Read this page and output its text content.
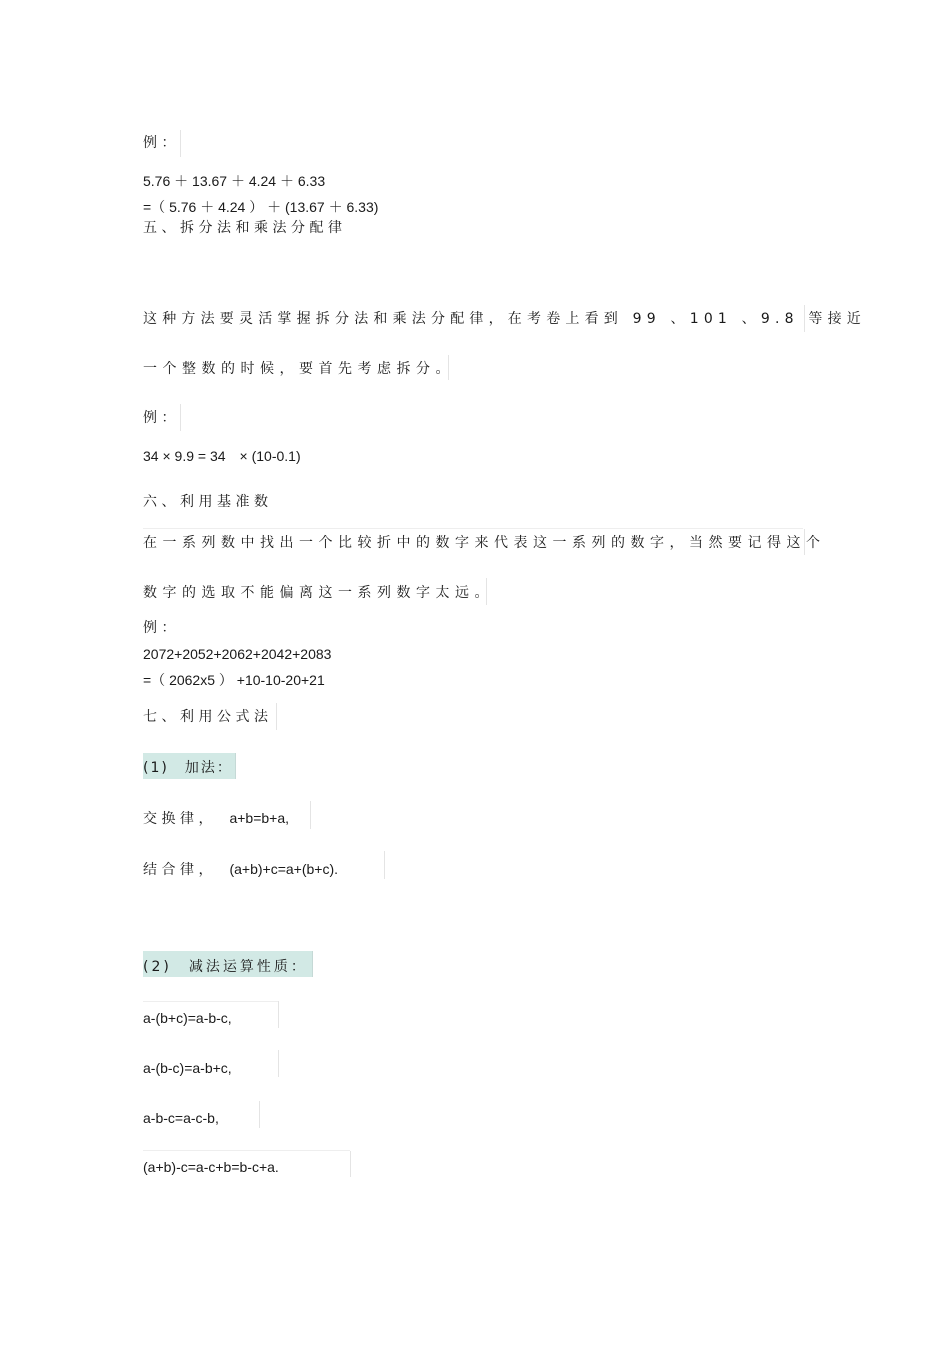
例：

5.76 ＋ 13.67 ＋ 4.24 ＋ 6.33

=（ 5.76 ＋ 4.24 ） ＋ (13.67 ＋ 6.33)

五、拆分法和乘法分配律

这种方法要灵活掌握拆分法和乘法分配律，在考卷上看到 99 、101 、9.8 等接近

一个整数的时候，要首先考虑拆分。

例：

34 × 9.9 = 34　× (10-0.1)

六、利用基准数

在一系列数中找出一个比较折中的数字来代表这一系列的数字，当然要记得这个

数字的选取不能偏离这一系列数字太远。

例：

2072+2052+2062+2042+2083

=（ 2062x5 ） +10-10-20+21

七、利用公式法

(1)　加法：

交换律， a+b=b+a,

结合律， (a+b)+c=a+(b+c).

(2)　减法运算性质：

a-(b+c)=a-b-c,

a-(b-c)=a-b+c,

a-b-c=a-c-b,

(a+b)-c=a-c+b=b-c+a.
